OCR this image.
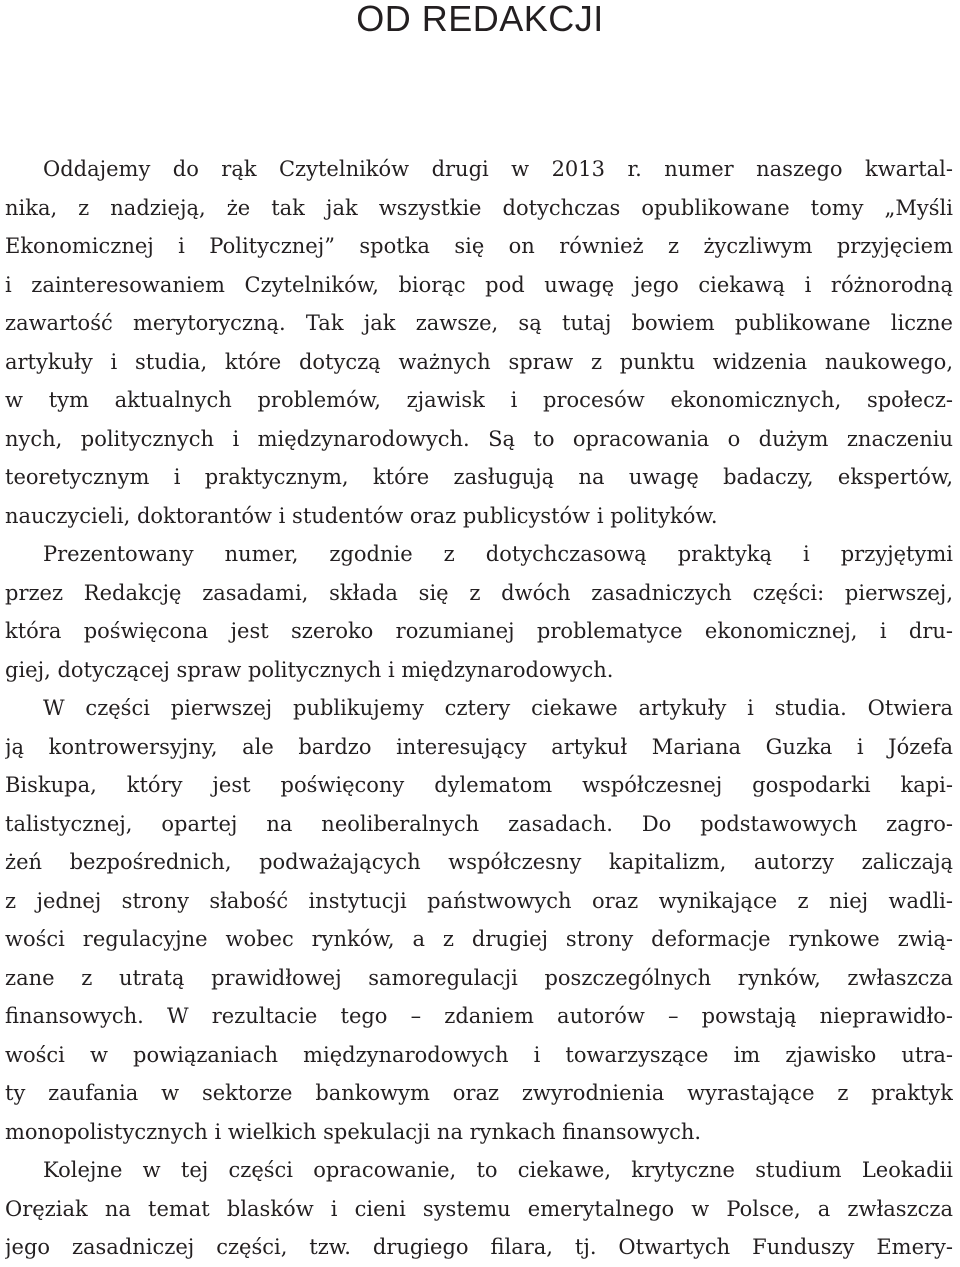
OD REDAKCJI

Oddajemy do rąk Czytelników drugi w 2013 r. numer naszego kwartal-
nika, z nadzieją, że tak jak wszystkie dotychczas opublikowane tomy „Myśli
Ekonomicznej i Politycznej” spotka się on również z życzliwym przyjęciem
i zainteresowaniem Czytelników, biorąc pod uwagę jego ciekawą i różnorodną
zawartość merytoryczną. Tak jak zawsze, są tutaj bowiem publikowane liczne
artykuły i studia, które dotyczą ważnych spraw z punktu widzenia naukowego,
w tym aktualnych problemów, zjawisk i procesów ekonomicznych, społecz-
nych, politycznych i międzynarodowych. Są to opracowania o dużym znaczeniu
teoretycznym i praktycznym, które zasługują na uwagę badaczy, ekspertów,
nauczycieli, doktorantów i studentów oraz publicystów i polityków.

Prezentowany numer, zgodnie z dotychczasową praktyką i przyjętymi
przez Redakcję zasadami, składa się z dwóch zasadniczych części: pierwszej,
która poświęcona jest szeroko rozumianej problematyce ekonomicznej, i dru-
giej, dotyczącej spraw politycznych i międzynarodowych.

W części pierwszej publikujemy cztery ciekawe artykuły i studia. Otwiera
ją kontrowersyjny, ale bardzo interesujący artykuł Mariana Guzka i Józefa
Biskupa, który jest poświęcony dylematom współczesnej gospodarki kapi-
talistycznej, opartej na neoliberalnych zasadach. Do podstawowych zagro-
żeń bezpośrednich, podważających współczesny kapitalizm, autorzy zaliczają
z jednej strony słabość instytucji państwowych oraz wynikające z niej wadli-
wości regulacyjne wobec rynków, a z drugiej strony deformacje rynkowe zwią-
zane z utratą prawidłowej samoregulacji poszczególnych rynków, zwłaszcza
finansowych. W rezultacie tego – zdaniem autorów – powstają nieprawidło-
wości w powiązaniach międzynarodowych i towarzyszące im zjawisko utra-
ty zaufania w sektorze bankowym oraz zwyrodnienia wyrastające z praktyk
monopolistycznych i wielkich spekulacji na rynkach finansowych.

Kolejne w tej części opracowanie, to ciekawe, krytyczne studium Leokadii
Oręziak na temat blasków i cieni systemu emerytalnego w Polsce, a zwłaszcza
jego zasadniczej części, tzw. drugiego filara, tj. Otwartych Funduszy Emery-
